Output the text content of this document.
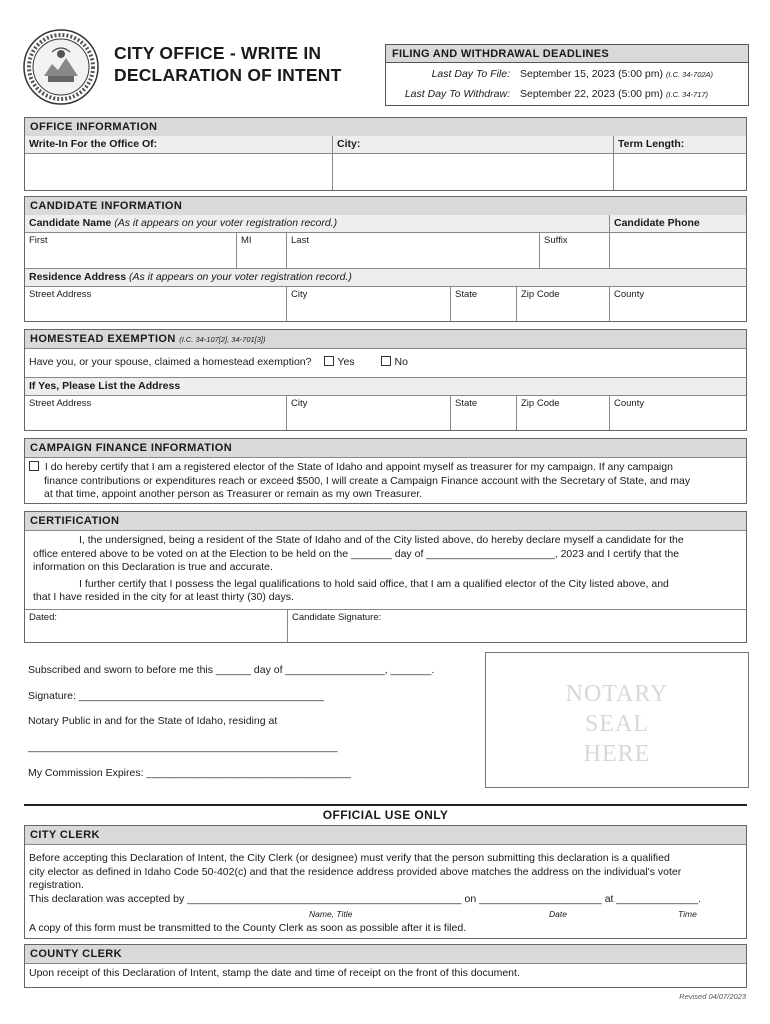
CITY OFFICE - WRITE IN
DECLARATION OF INTENT
FILING AND WITHDRAWAL DEADLINES
Last Day To File: September 15, 2023 (5:00 pm) (I.C. 34-702A)
Last Day To Withdraw: September 22, 2023 (5:00 pm) (I.C. 34-717)
OFFICE INFORMATION
Write-In For the Office Of:	City:	Term Length:
CANDIDATE INFORMATION
Candidate Name (As it appears on your voter registration record.)	Candidate Phone
First	MI	Last	Suffix
Residence Address (As it appears on your voter registration record.)
Street Address	City	State	Zip Code	County
HOMESTEAD EXEMPTION (I.C. 34-107[2], 34-701[3])
Have you, or your spouse, claimed a homestead exemption? Yes	No
If Yes, Please List the Address
Street Address	City	State	Zip Code	County
CAMPAIGN FINANCE INFORMATION
I do hereby certify that I am a registered elector of the State of Idaho and appoint myself as treasurer for my campaign. If any campaign
finance contributions or expenditures reach or exceed $500, I will create a Campaign Finance account with the Secretary of State, and may
at that time, appoint another person as Treasurer or remain as my own Treasurer.
CERTIFICATION
I, the undersigned, being a resident of the State of Idaho and of the City listed above, do hereby declare myself a candidate for the
office entered above to be voted on at the Election to be held on the _______ day of ______________________, 2023 and I certify that the
information on this Declaration is true and accurate.
I further certify that I possess the legal qualifications to hold said office, that I am a qualified elector of the City listed above, and
that I have resided in the city for at least thirty (30) days.
Dated:	Candidate Signature:
Subscribed and sworn to before me this ______ day of _________________, _______.
Signature: __________________________________________
Notary Public in and for the State of Idaho, residing at
_____________________________________________________
My Commission Expires: ___________________________________
NOTARY
SEAL
HERE
OFFICIAL USE ONLY
CITY CLERK
Before accepting this Declaration of Intent, the City Clerk (or designee) must verify that the person submitting this declaration is a qualified
city elector as defined in Idaho Code 50-402(c) and that the residence address provided above matches the address on the individual's voter
registration.
This declaration was accepted by _______________________________________________ on _____________________ at ______________.
Name, Title	Date	Time
A copy of this form must be transmitted to the County Clerk as soon as possible after it is filed.
COUNTY CLERK
Upon receipt of this Declaration of Intent, stamp the date and time of receipt on the front of this document.
Revised 04/07/2023
